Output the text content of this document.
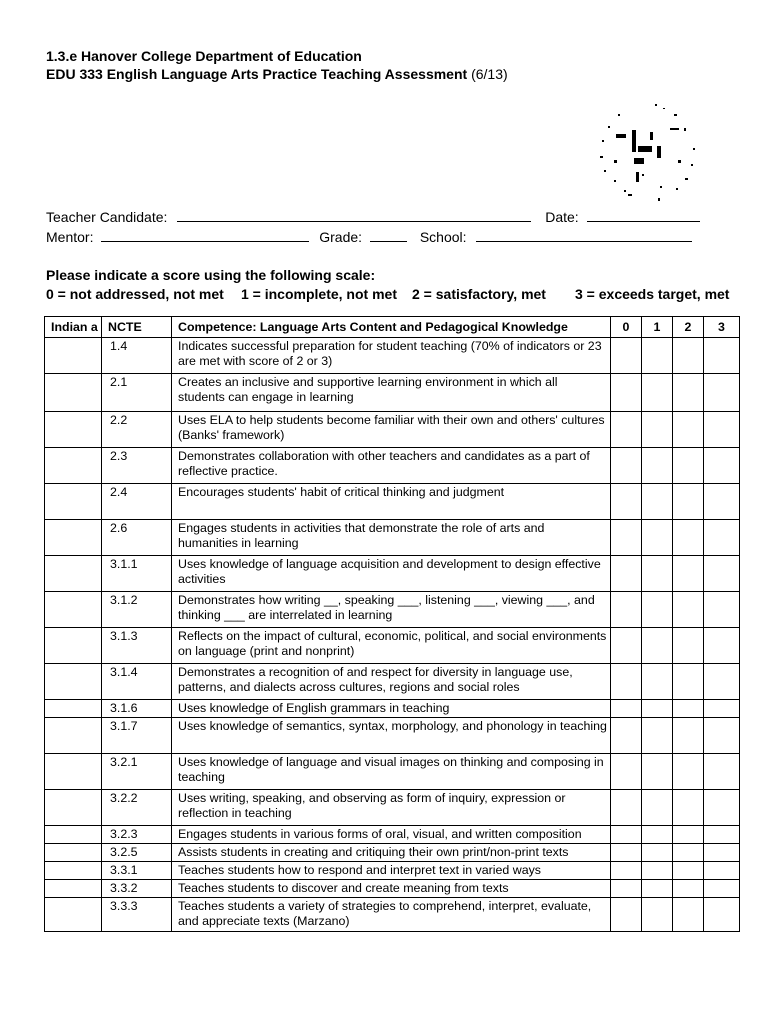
1.3.e Hanover College Department of Education
EDU 333 English Language Arts Practice Teaching Assessment (6/13)
Teacher Candidate:	Date:
Mentor:	Grade:	School:
Please indicate a score using the following scale:
0 = not addressed, not met 1 = incomplete, not met 2 = satisfactory, met 3 = exceeds target, met
Indian a	NCTE	Competence: Language Arts Content and Pedagogical Knowledge	0	1	2	3
	1.4	Indicates successful preparation for student teaching (70% of indicators or 23 are met with score of 2 or 3)				
	2.1	Creates an inclusive and supportive learning environment in which all students can engage in learning				
	2.2	Uses ELA to help students become familiar with their own and others' cultures (Banks' framework)				
	2.3	Demonstrates collaboration with other teachers and candidates as a part of reflective practice.				
	2.4	Encourages students' habit of critical thinking and judgment				
	2.6	Engages students in activities that demonstrate the role of arts and humanities in learning				
	3.1.1	Uses knowledge of language acquisition and development to design effective activities				
	3.1.2	Demonstrates how writing __, speaking ___, listening ___, viewing ___, and thinking ___ are interrelated in learning				
	3.1.3	Reflects on the impact of cultural, economic, political, and social environments on language (print and nonprint)				
	3.1.4	Demonstrates a recognition of and respect for diversity in language use, patterns, and dialects across cultures, regions and social roles				
	3.1.6	Uses knowledge of English grammars in teaching				
	3.1.7	Uses knowledge of semantics, syntax, morphology, and phonology in teaching				
	3.2.1	Uses knowledge of language and visual images on thinking and composing in teaching				
	3.2.2	Uses writing, speaking, and observing as form of inquiry, expression or reflection in teaching				
	3.2.3	Engages students in various forms of oral, visual, and written composition				
	3.2.5	Assists students in creating and critiquing their own print/non-print texts				
	3.3.1	Teaches students how to respond and interpret text in varied ways				
	3.3.2	Teaches students to discover and create meaning from texts				
	3.3.3	Teaches students a variety of strategies to comprehend, interpret, evaluate, and appreciate texts (Marzano)				
